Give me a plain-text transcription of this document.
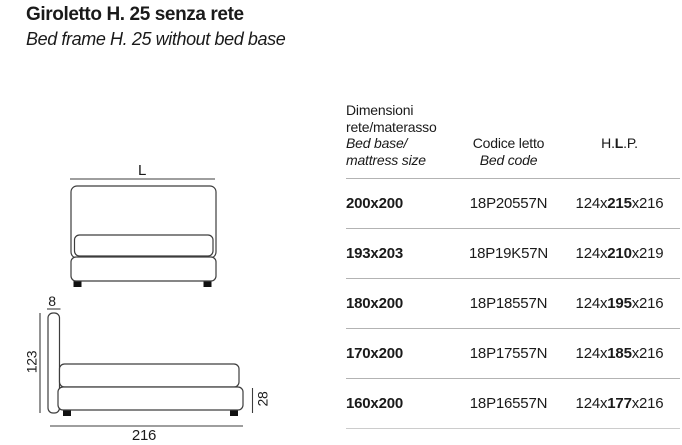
Giroletto H. 25 senza rete
Bed frame H. 25 without bed base
L
8
123
28
216
Dimensioni
rete/materasso
Bed base/
mattress size
Codice letto
Bed code
H.L.P.
200x200	18P20557N	124x215x216
193x203	18P19K57N	124x210x219
180x200	18P18557N	124x195x216
170x200	18P17557N	124x185x216
160x200	18P16557N	124x177x216
